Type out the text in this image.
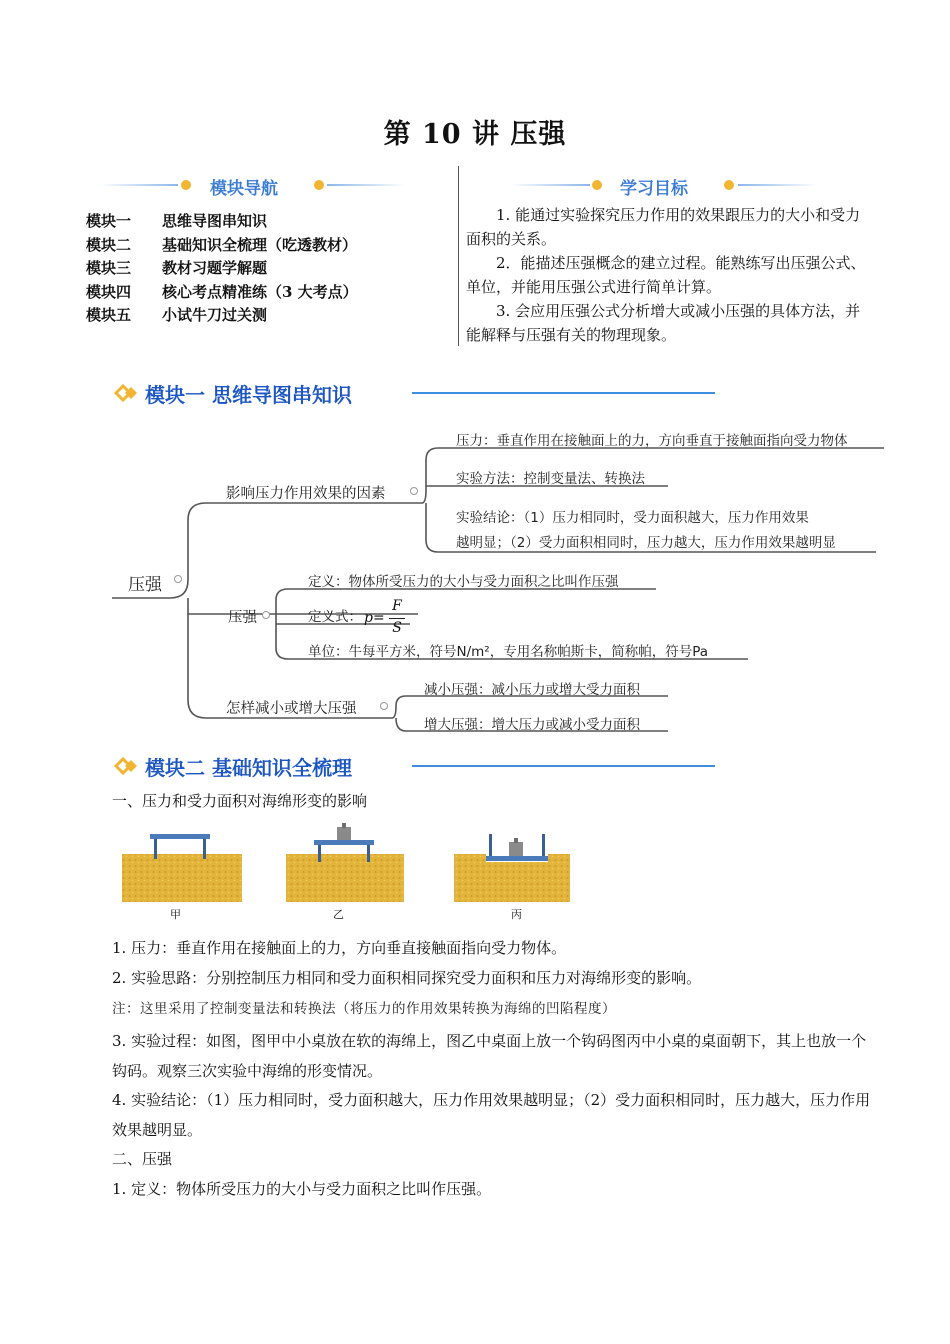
第 10 讲 压强
模块导航
模块一 思维导图串知识
模块二 基础知识全梳理（吃透教材）
模块三 教材习题学解题
模块四 核心考点精准练（3 大考点）
模块五 小试牛刀过关测
学习目标

1. 能通过实验探究压力作用的效果跟压力的大小和受力面积的关系。

2．能描述压强概念的建立过程。能熟练写出压强公式、单位，并能用压强公式进行简单计算。

3. 会应用压强公式分析增大或减小压强的具体方法，并能解释与压强有关的物理现象。

模块一 思维导图串知识
压强
影响压力作用效果的因素
压力：垂直作用在接触面上的力，方向垂直于接触面指向受力物体
实验方法：控制变量法、转换法
实验结论：（1）压力相同时，受力面积越大，压力作用效果
越明显；（2）受力面积相同时，压力越大，压力作用效果越明显
压强
定义：物体所受压力的大小与受力面积之比叫作压强
定义式： p=
F
S
单位：牛每平方米，符号N/m²，专用名称帕斯卡，简称帕，符号Pa
怎样减小或增大压强
减小压强：减小压力或增大受力面积
增大压强：增大压力或减小受力面积
模块二 基础知识全梳理
一、压力和受力面积对海绵形变的影响
甲	乙	丙
1. 压力：垂直作用在接触面上的力，方向垂直接触面指向受力物体。
2. 实验思路：分别控制压力相同和受力面积相同探究受力面积和压力对海绵形变的影响。
注：这里采用了控制变量法和转换法（将压力的作用效果转换为海绵的凹陷程度）
3. 实验过程：如图，图甲中小桌放在软的海绵上，图乙中桌面上放一个钩码图丙中小桌的桌面朝下，其上也放一个钩码。观察三次实验中海绵的形变情况。
4. 实验结论：（1）压力相同时，受力面积越大，压力作用效果越明显；（2）受力面积相同时，压力越大，压力作用效果越明显。
二、压强
1. 定义：物体所受压力的大小与受力面积之比叫作压强。
